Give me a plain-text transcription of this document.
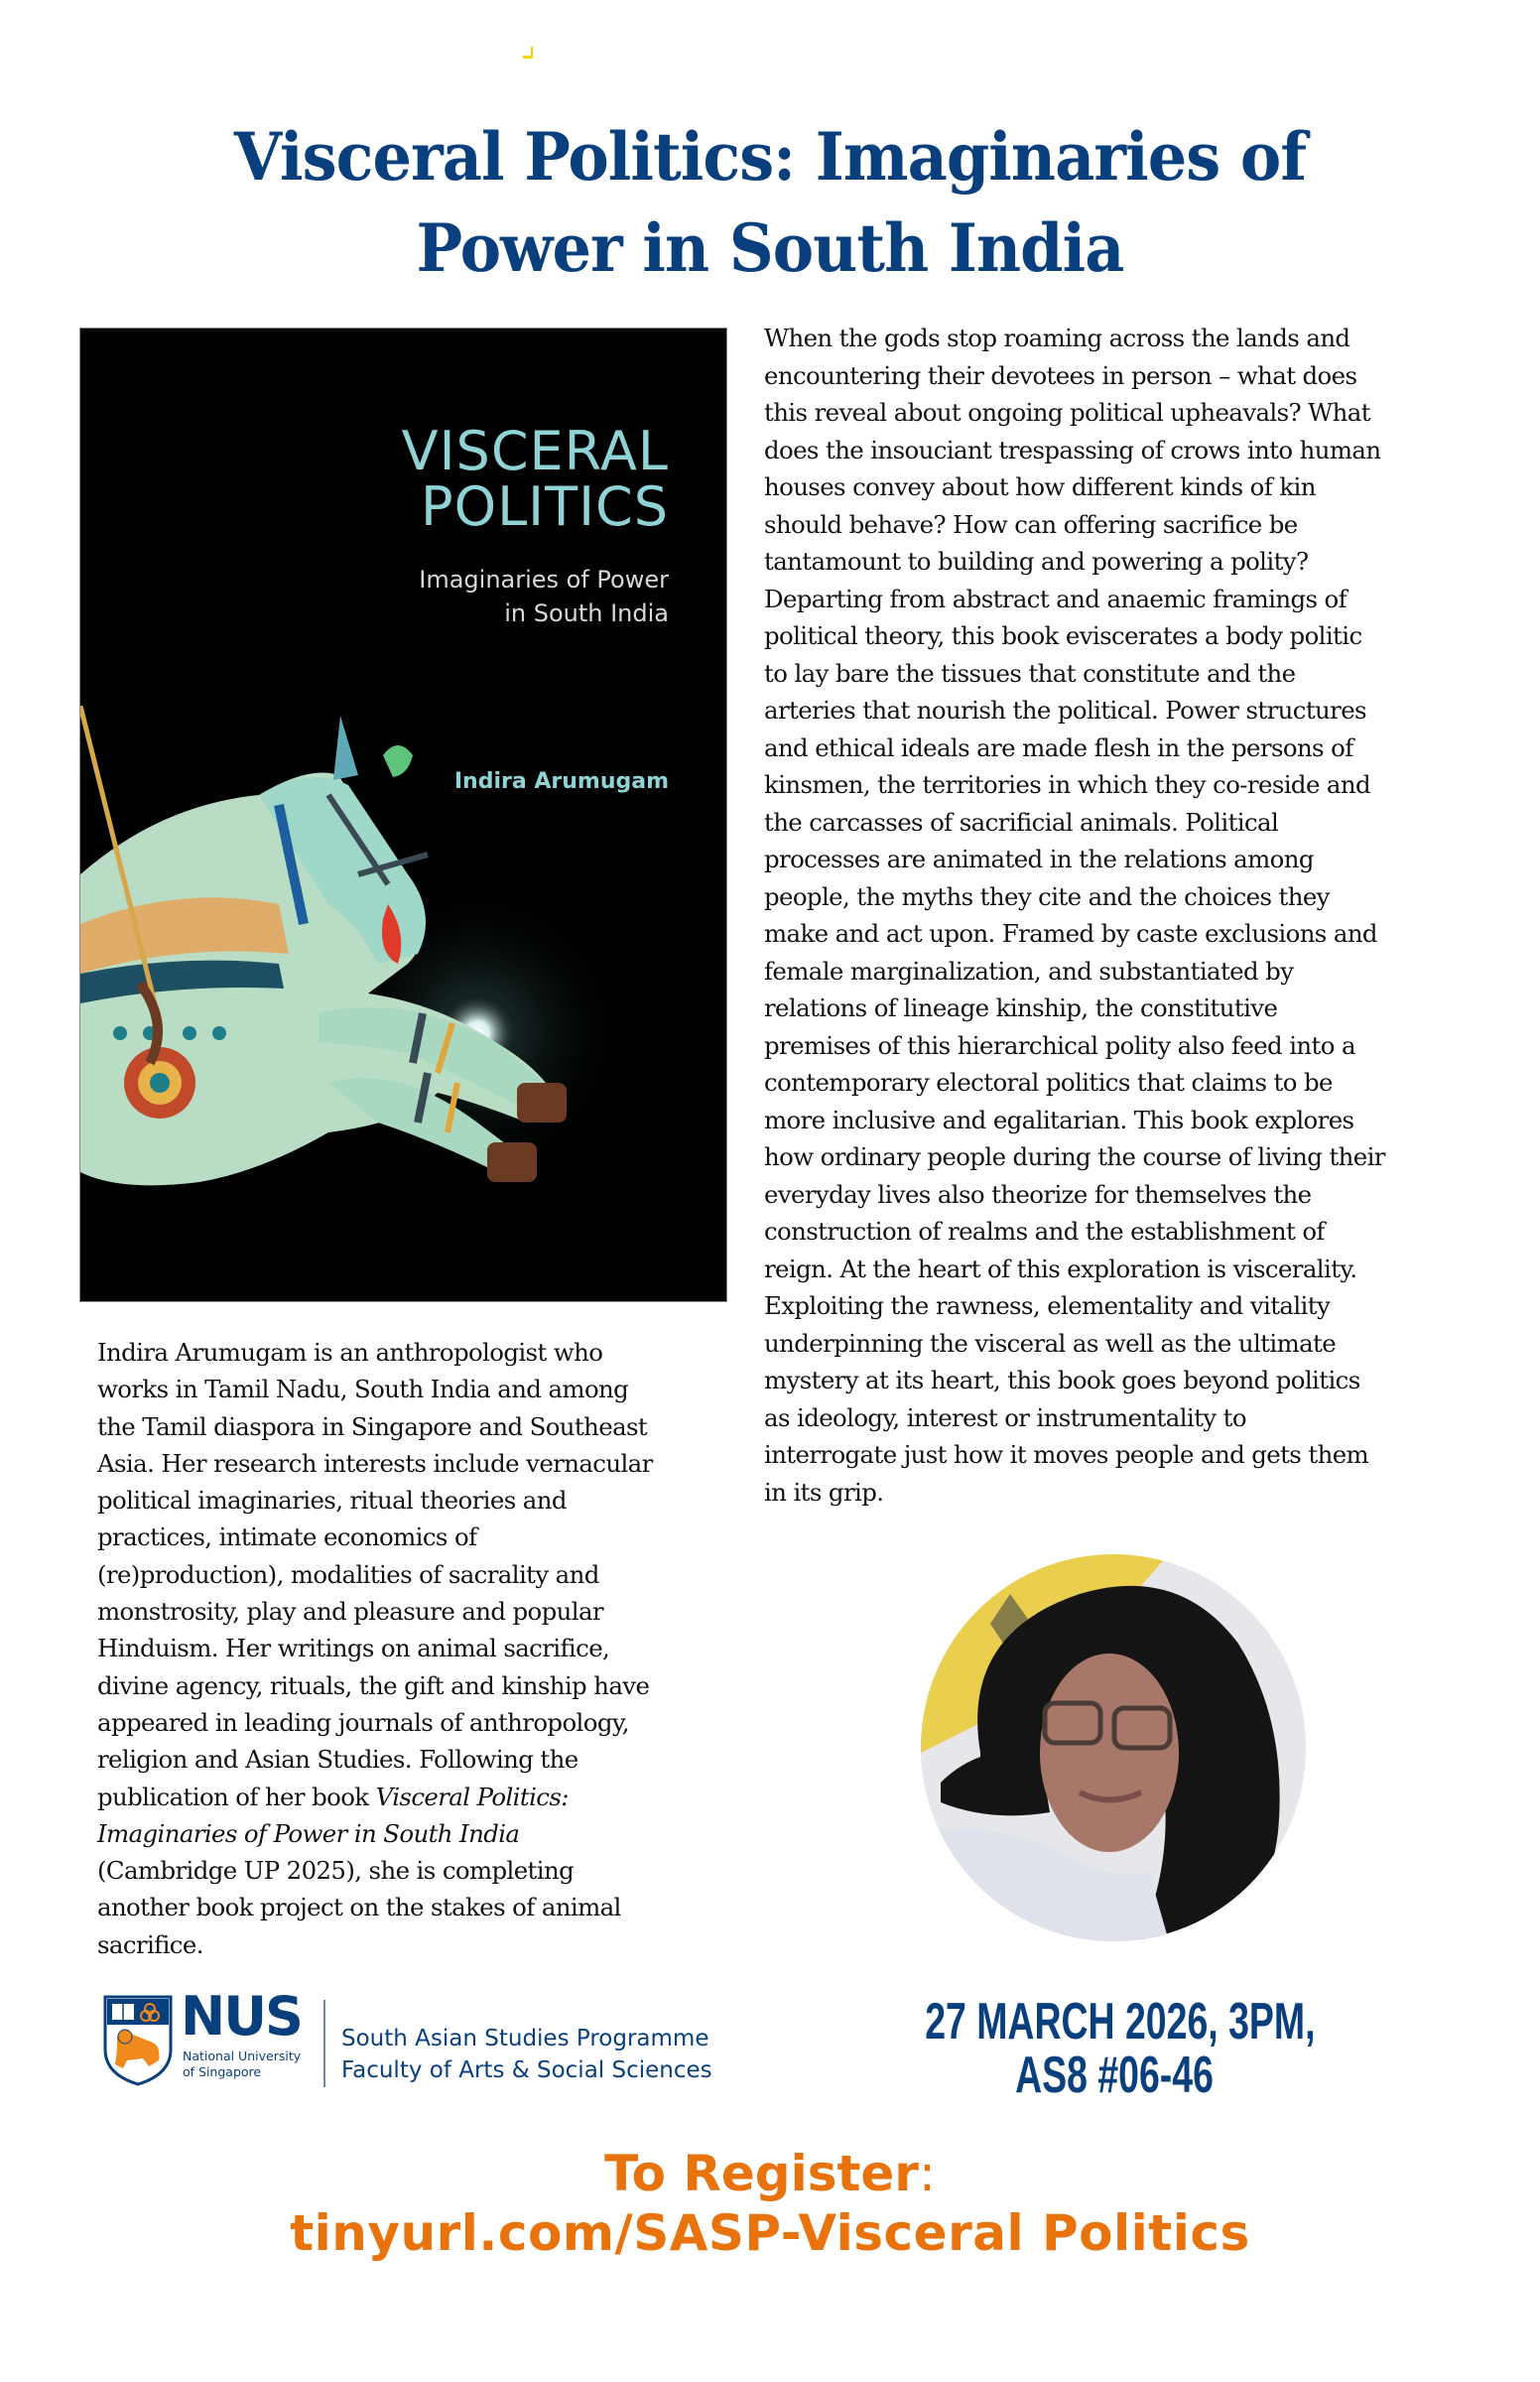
Visceral Politics: Imaginaries of
Power in South India
VISCERAL
POLITICS
Imaginaries of Power
in South India
Indira Arumugam
When the gods stop roaming across the lands and
encountering their devotees in person – what does
this reveal about ongoing political upheavals? What
does the insouciant trespassing of crows into human
houses convey about how different kinds of kin
should behave? How can offering sacrifice be
tantamount to building and powering a polity?
Departing from abstract and anaemic framings of
political theory, this book eviscerates a body politic
to lay bare the tissues that constitute and the
arteries that nourish the political. Power structures
and ethical ideals are made flesh in the persons of
kinsmen, the territories in which they co-reside and
the carcasses of sacrificial animals. Political
processes are animated in the relations among
people, the myths they cite and the choices they
make and act upon. Framed by caste exclusions and
female marginalization, and substantiated by
relations of lineage kinship, the constitutive
premises of this hierarchical polity also feed into a
contemporary electoral politics that claims to be
more inclusive and egalitarian. This book explores
how ordinary people during the course of living their
everyday lives also theorize for themselves the
construction of realms and the establishment of
reign. At the heart of this exploration is viscerality.
Exploiting the rawness, elementality and vitality
underpinning the visceral as well as the ultimate
mystery at its heart, this book goes beyond politics
as ideology, interest or instrumentality to
interrogate just how it moves people and gets them
in its grip.
Indira Arumugam is an anthropologist who
works in Tamil Nadu, South India and among
the Tamil diaspora in Singapore and Southeast
Asia. Her research interests include vernacular
political imaginaries, ritual theories and
practices, intimate economics of
(re)production), modalities of sacrality and
monstrosity, play and pleasure and popular
Hinduism. Her writings on animal sacrifice,
divine agency, rituals, the gift and kinship have
appeared in leading journals of anthropology,
religion and Asian Studies. Following the
publication of her book Visceral Politics:
Imaginaries of Power in South India
(Cambridge UP 2025), she is completing
another book project on the stakes of animal
sacrifice.
NUS
National University
of Singapore
South Asian Studies Programme
Faculty of Arts & Social Sciences
27 MARCH 2026, 3PM,
AS8 #06-46
To Register:
tinyurl.com/SASP-Visceral Politics
